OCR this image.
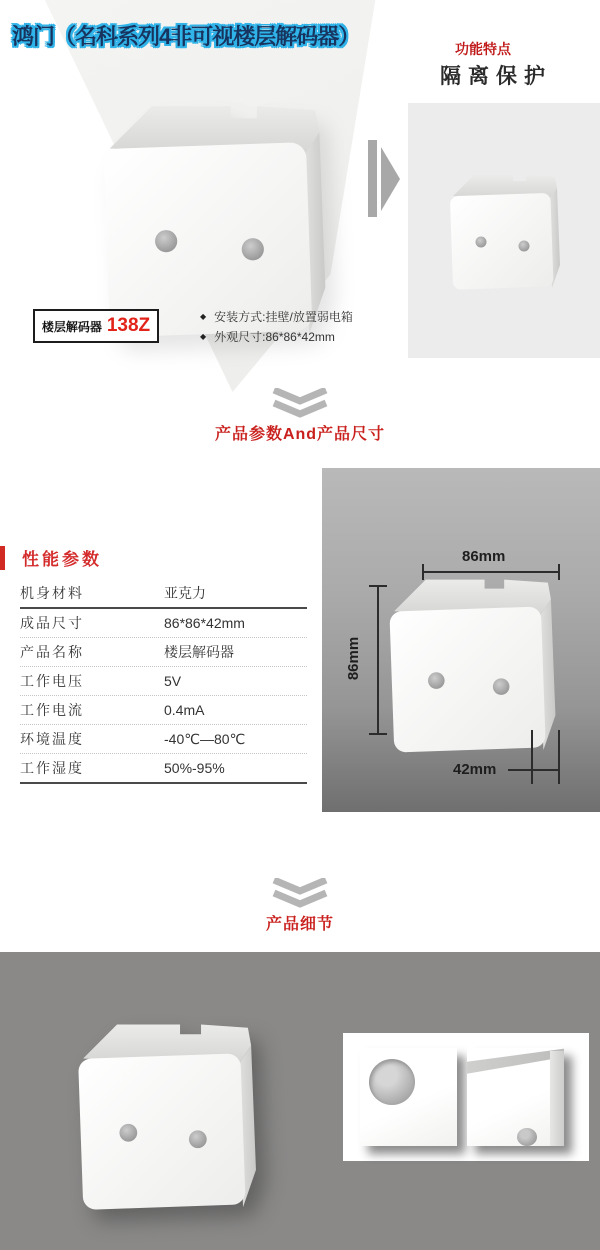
鸿门（名科系列4非可视楼层解码器）
楼层解码器 138Z	◆ 安装方式:挂壁/放置弱电箱
◆ 外观尺寸:86*86*42mm
功能特点
隔离保护
产品参数And产品尺寸
性能参数
机身材料	亚克力
成品尺寸	86*86*42mm
产品名称	楼层解码器
工作电压	5V
工作电流	0.4mA
环境温度	-40℃—80℃
工作湿度	50%-95%
86mm
86mm
42mm
产品细节
